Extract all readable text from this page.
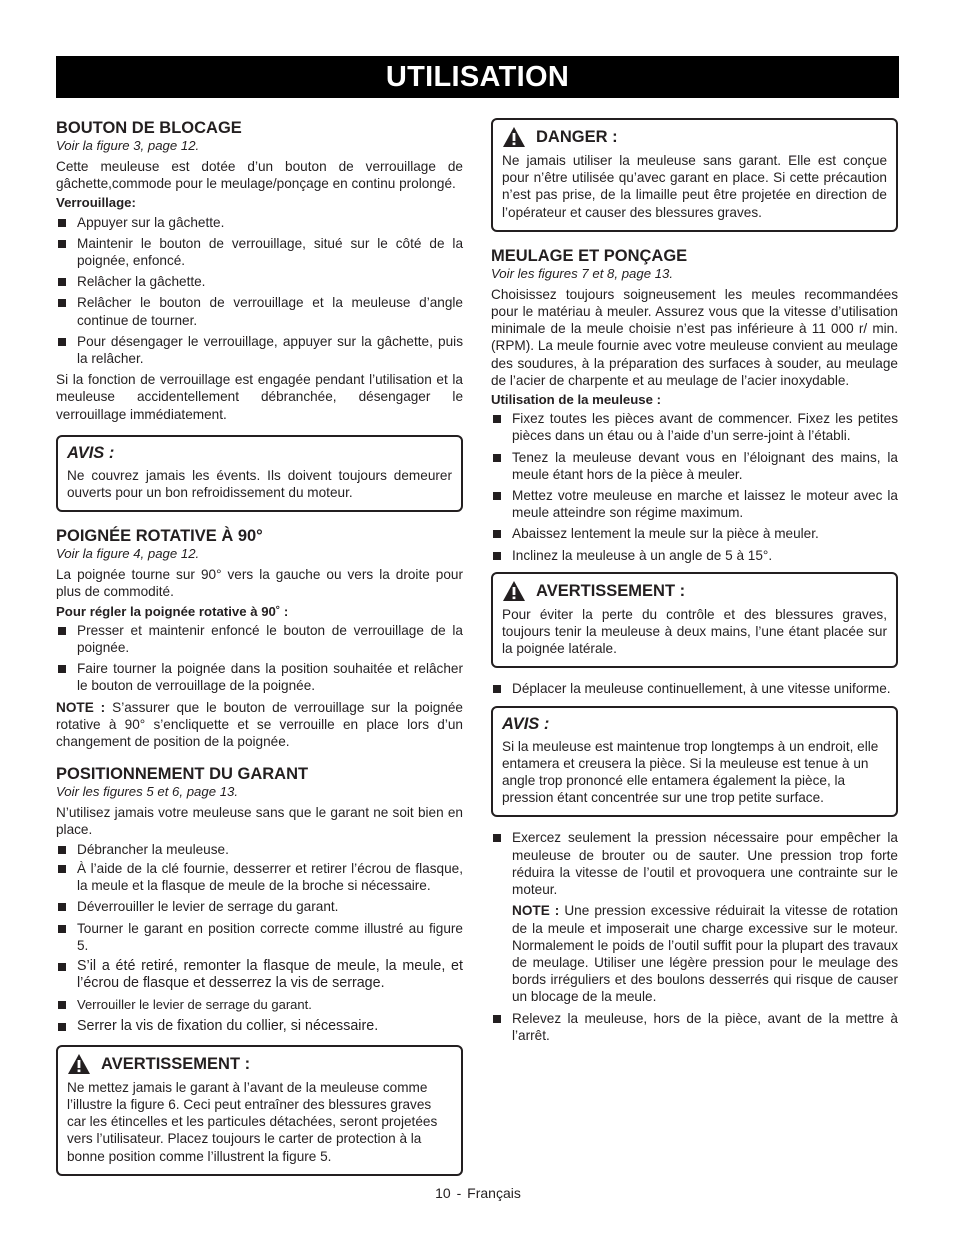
UTILISATION
BOUTON DE BLOCAGE
Voir la figure 3, page 12.

Cette meuleuse est dotée d’un bouton de verrouillage de gâchette,commode pour le meulage/ponçage en continu prolongé.

Verrouillage:
Appuyer sur la gâchette.
Maintenir le bouton de verrouillage, situé sur le côté de la poignée, enfoncé.
Relâcher la gâchette.
Relâcher le bouton de verrouillage et la meuleuse d’angle continue de tourner.
Pour désengager le verrouillage, appuyer sur la gâchette, puis la relâcher.

Si la fonction de verrouillage est engagée pendant l’utilisation et la meuleuse accidentellement débranchée, désengager le verrouillage immédiatement.

AVIS :

Ne couvrez jamais les évents. Ils doivent toujours demeurer ouverts pour un bon refroidissement du moteur.

POIGNÉE ROTATIVE À 90°
Voir la figure 4, page 12.

La poignée tourne sur 90° vers la gauche ou vers la droite pour plus de commodité.

Pour régler la poignée rotative à 90˚ :
Presser et maintenir enfoncé le bouton de verrouillage de la poignée.
Faire tourner la poignée dans la position souhaitée et relâcher le bouton de verrouillage de la poignée.

NOTE : S’assurer que le bouton de verrouillage sur la poignée rotative à 90° s’encliquette et se verrouille en place lors d’un changement de position de la poignée.

POSITIONNEMENT DU GARANT
Voir les figures 5 et 6, page 13.

N’utilisez jamais votre meuleuse sans que le garant ne soit bien en place.

Débrancher la meuleuse.
À l’aide de la clé fournie, desserrer et retirer l’écrou de flasque, la meule et la flasque de meule de la broche si nécessaire.
Déverrouiller le levier de serrage du garant.
Tourner le garant en position correcte comme illustré au figure 5.
S’il a été retiré, remonter la flasque de meule, la meule, et l’écrou de flasque et desserrez la vis de serrage.
Verrouiller le levier de serrage du garant.
Serrer la vis de fixation du collier, si nécessaire.
AVERTISSEMENT :

Ne mettez jamais le garant à l’avant de la meuleuse comme l’illustre la figure 6. Ceci peut entraîner des blessures graves car les étincelles et les particules détachées, seront projetées vers l’utilisateur. Placez toujours le carter de protection à la bonne position comme l’illustrent la figure 5.

DANGER :

Ne jamais utiliser la meuleuse sans garant. Elle est conçue pour n’être utilisée qu’avec garant en place. Si cette précaution n’est pas prise, de la limaille peut être projetée en direction de l’opérateur et causer des blessures graves.

MEULAGE ET PONÇAGE
Voir les figures 7 et 8, page 13.

Choisissez toujours soigneusement les meules recommandées pour le matériau à meuler. Assurez vous que la vitesse d’utilisation minimale de la meule choisie n’est pas inférieure à 11 000 r/ min. (RPM). La meule fournie avec votre meuleuse convient au meulage des soudures, à la préparation des surfaces à souder, au meulage de l’acier de charpente et au meulage de l’acier inoxydable.

Utilisation de la meuleuse :
Fixez toutes les pièces avant de commencer. Fixez les petites pièces dans un étau ou à l’aide d’un serre-joint à l’établi.
Tenez la meuleuse devant vous en l’éloignant des mains, la meule étant hors de la pièce à meuler.
Mettez votre meuleuse en marche et laissez le moteur avec la meule atteindre son régime maximum.
Abaissez lentement la meule sur la pièce à meuler.
Inclinez la meuleuse à un angle de 5 à 15°.
AVERTISSEMENT :

Pour éviter la perte du contrôle et des blessures graves, toujours tenir la meuleuse à deux mains, l’une étant placée sur la poignée latérale.

Déplacer la meuleuse continuellement, à une vitesse uniforme.
AVIS :

Si la meuleuse est maintenue trop longtemps à un endroit, elle entamera et creusera la pièce. Si la meuleuse est tenue à un angle trop prononcé elle entamera également la pièce, la pression étant concentrée sur une trop petite surface.

Exercez seulement la pression nécessaire pour empêcher la meuleuse de brouter ou de sauter. Une pression trop forte réduira la vitesse de l’outil et provoquera une contrainte sur le moteur.

NOTE : Une pression excessive réduirait la vitesse de rotation de la meule et imposerait une charge excessive sur le moteur. Normalement le poids de l’outil suffit pour la plupart des travaux de meulage. Utiliser une légère pression pour le meulage des bords irréguliers et des boulons desserrés qui risque de causer un blocage de la meule.

Relevez la meuleuse, hors de la pièce, avant de la mettre à l’arrêt.
10 - Français
